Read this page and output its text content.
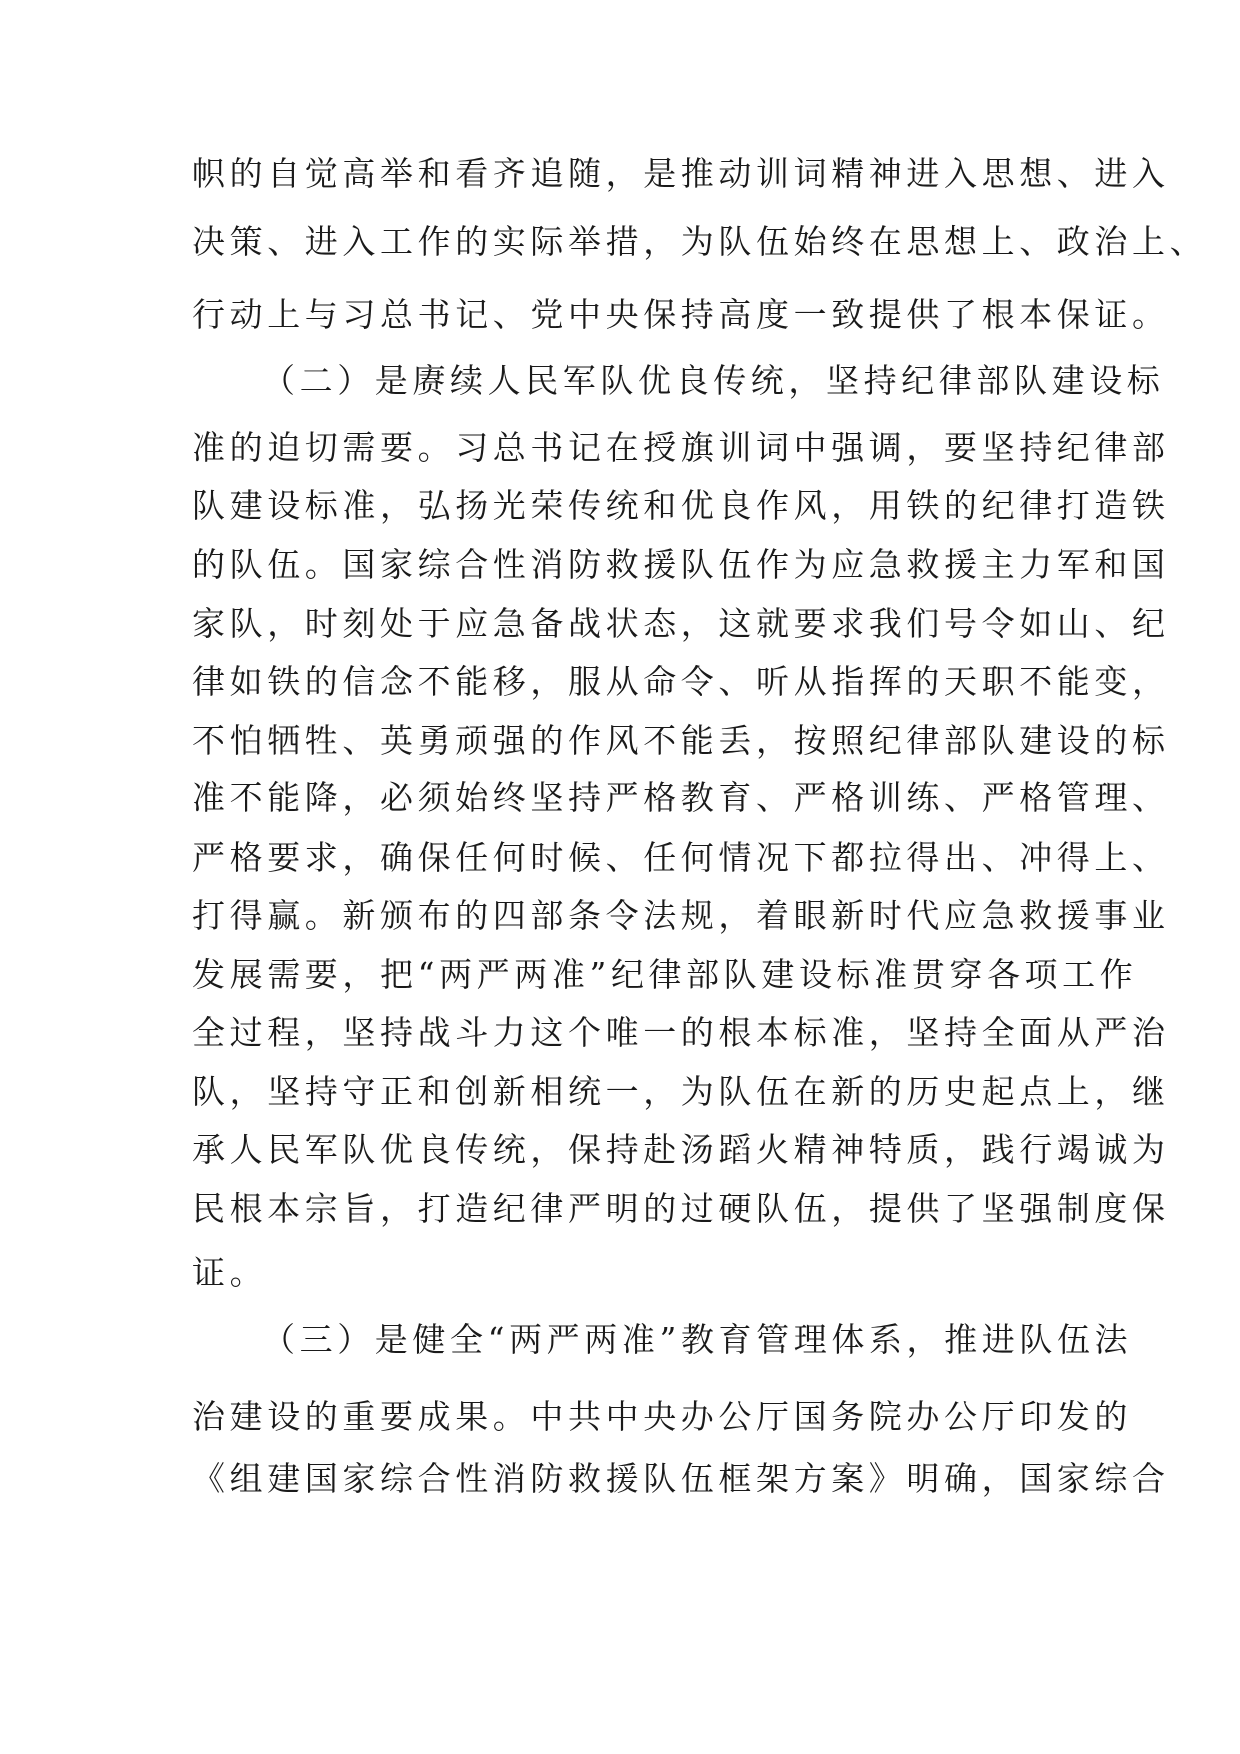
帜的自觉高举和看齐追随，是推动训词精神进入思想、进入
决策、进入工作的实际举措，为队伍始终在思想上、政治上、
行动上与习总书记、党中央保持高度一致提供了根本保证。
（二）是赓续人民军队优良传统，坚持纪律部队建设标
准的迫切需要。习总书记在授旗训词中强调，要坚持纪律部
队建设标准，弘扬光荣传统和优良作风，用铁的纪律打造铁
的队伍。国家综合性消防救援队伍作为应急救援主力军和国
家队，时刻处于应急备战状态，这就要求我们号令如山、纪
律如铁的信念不能移，服从命令、听从指挥的天职不能变，
不怕牺牲、英勇顽强的作风不能丢，按照纪律部队建设的标
准不能降，必须始终坚持严格教育、严格训练、严格管理、
严格要求，确保任何时候、任何情况下都拉得出、冲得上、
打得赢。新颁布的四部条令法规，着眼新时代应急救援事业
发展需要，把“两严两准”纪律部队建设标准贯穿各项工作
全过程，坚持战斗力这个唯一的根本标准，坚持全面从严治
队，坚持守正和创新相统一，为队伍在新的历史起点上，继
承人民军队优良传统，保持赴汤蹈火精神特质，践行竭诚为
民根本宗旨，打造纪律严明的过硬队伍，提供了坚强制度保
证。
（三）是健全“两严两准”教育管理体系，推进队伍法
治建设的重要成果。中共中央办公厅国务院办公厅印发的
《组建国家综合性消防救援队伍框架方案》明确，国家综合
